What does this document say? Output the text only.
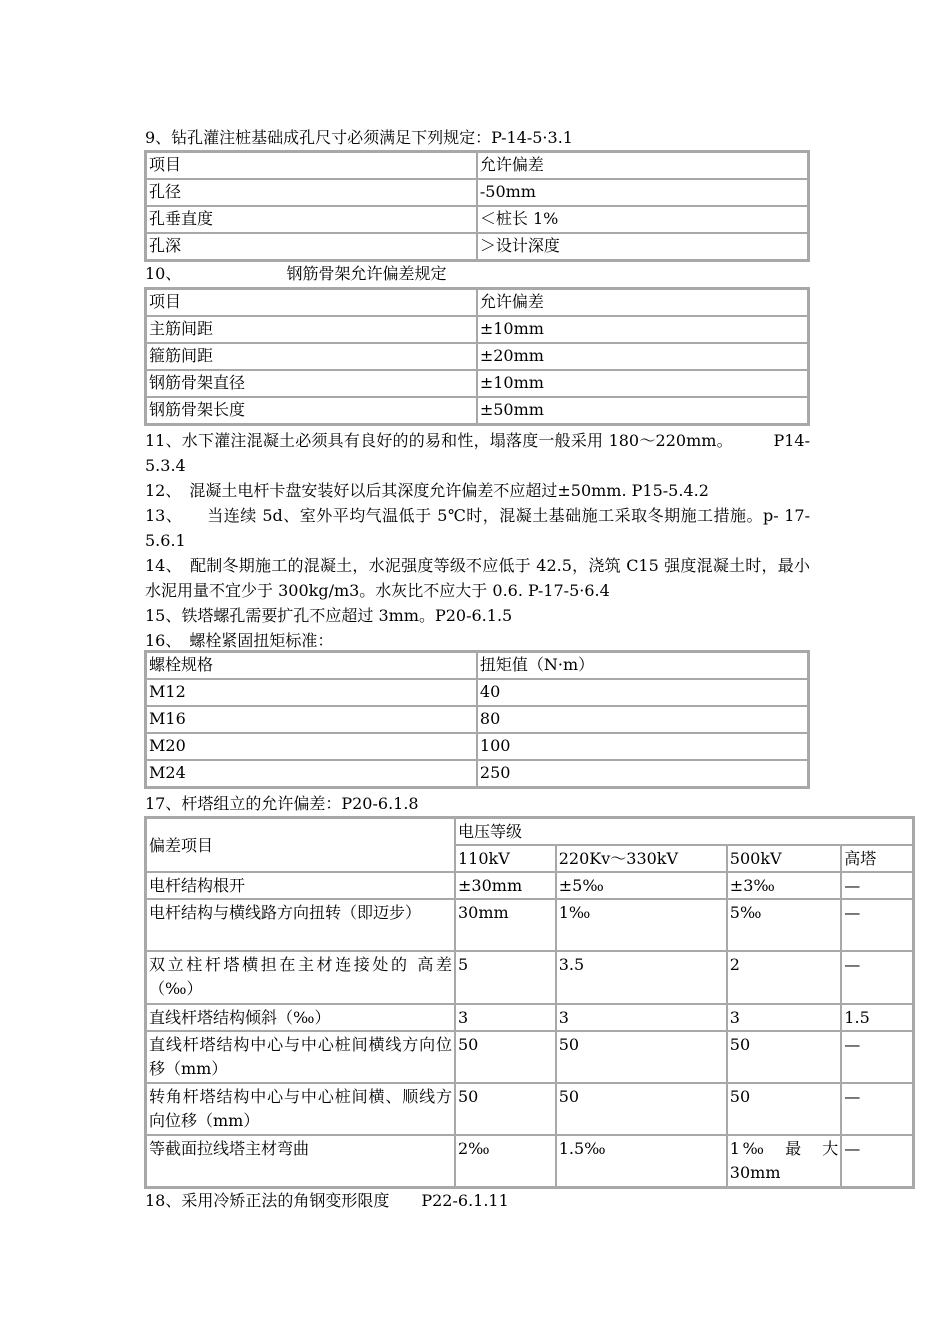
9、钻孔灌注桩基础成孔尺寸必须满足下列规定：P-14-5·3.1
项目	允许偏差
孔径	-50mm
孔垂直度	＜桩长 1%
孔深	＞设计深度
10、	钢筋骨架允许偏差规定
项目	允许偏差
主筋间距	±10mm
箍筋间距	±20mm
钢筋骨架直径	±10mm
钢筋骨架长度	±50mm
11、水下灌注混凝土必须具有良好的的易和性，塌落度一般采用 180～220mm。　　　P14-5.3.4
12、　混凝土电杆卡盘安装好以后其深度允许偏差不应超过±50mm. P15-5.4.2
13、　　当连续 5d、室外平均气温低于 5℃时，混凝土基础施工采取冬期施工措施。p- 17-5.6.1
14、　配制冬期施工的混凝土，水泥强度等级不应低于 42.5，浇筑 C15 强度混凝土时，最小水泥用量不宜少于 300kg/m3。水灰比不应大于 0.6. P-17-5·6.4
15、铁塔螺孔需要扩孔不应超过 3mm。P20-6.1.5
16、　螺栓紧固扭矩标准：
螺栓规格	扭矩值（N·m）
M12	40
M16	80
M20	100
M24	250
17、杆塔组立的允许偏差：P20-6.1.8
偏差项目	电压等级			
	110kV	220Kv～330kV	500kV	高塔
电杆结构根开	±30mm	±5‰	±3‰	—
电杆结构与横线路方向扭转（即迈步）	30mm	1‰	5‰	—
双立柱杆塔横担在主材连接处的 高差（‰）	5	3.5	2	—
直线杆塔结构倾斜（‰）	3	3	3	1.5
直线杆塔结构中心与中心桩间横线方向位移（mm）	50	50	50	—
转角杆塔结构中心与中心桩间横、顺线方向位移（mm）	50	50	50	—
等截面拉线塔主材弯曲	2‰	1.5‰	1‰　最　大 30mm	—
18、采用冷矫正法的角钢变形限度　　P22-6.1.11
